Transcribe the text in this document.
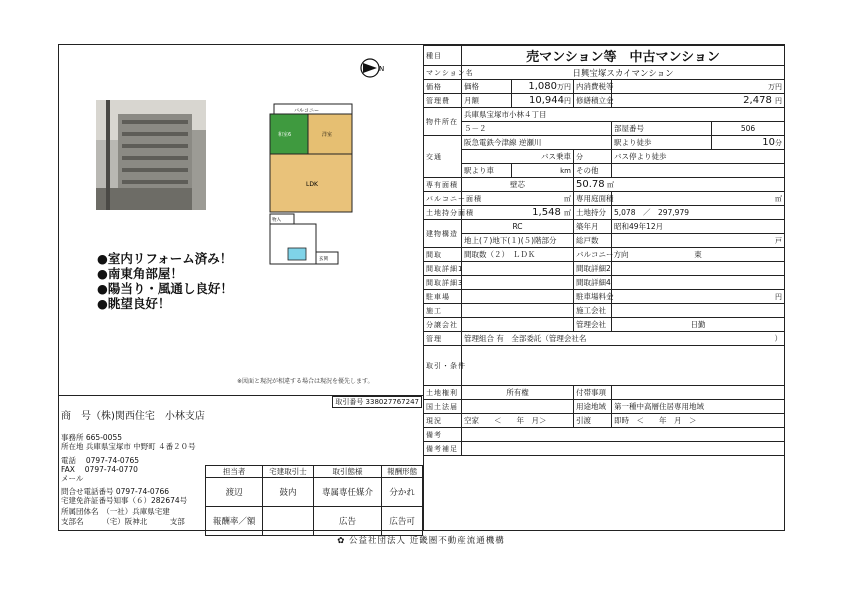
N
バルコニー
和室6	洋室
LDK
物入
玄関
●室内リフォーム済み！
●南東角部屋！
●陽当り・風通し良好！
●眺望良好！
※図面と現況が相違する場合は現況を優先します。
取引番号 338027767247
商　号（株)関西住宅　小林支店
事務所 665-0055
所在地 兵庫県宝塚市 中野町 ４番２０号
電話　 0797-74-0765
FAX　 0797-74-0770
メール
問合せ電話番号 0797-74-0766
宅建免許証番号知事（６）282674号
所属団体名　（一社）兵庫県宅建
支部名　　　（宅）阪神北　　　支部
担当者	宅建取引士	取引態様	報酬形態
渡辺	鼓内	専属専任媒介	分かれ
報酬率／額		広告	広告可
種目	売マンション等　中古マンション				
マンション名	日興宝塚スカイマンション				
価格	価格	1,080万円	内消費税等	万円	
管理費	月額	10,944円	修繕積立金	2,478 円	
物件所在	兵庫県宝塚市小林４丁目				
	５－２			部屋番号	506
交通	阪急電鉄今津線 逆瀬川			駅より徒歩	10分
	バス乗車		分	バス停より徒歩	
	駅より車	km	その他		
専有面積	壁芯		50.78 ㎡		
バルコニー面積	㎡		専用庭面積	㎡	
土地持分面積	1,548 ㎡		土地持分	5,078　 ／　 297,979	
建物構造	RC		築年月	昭和49年12月	
	地上(７)地下(１)(５)階部分		総戸数	戸	
間取	間取数（２）　ＬＤＫ		バルコニー方向	東	
間取詳細1			間取詳細2		
間取詳細3			間取詳細4		
駐車場			駐車場料金	円	
施工			施工会社		
分譲会社			管理会社	日勤	
管理	管理組合 有　全部委託（管理会社名 ）				

取引・条件					
土地権利	所有権		付帯事項		
国土法届			用途地域	第一種中高層住居専用地域	
現況	空家　　＜　　年　月＞		引渡	即時　＜　　年　月　＞	
備考					
備考補足					
✿ 公益社団法人 近畿圏不動産流通機構
